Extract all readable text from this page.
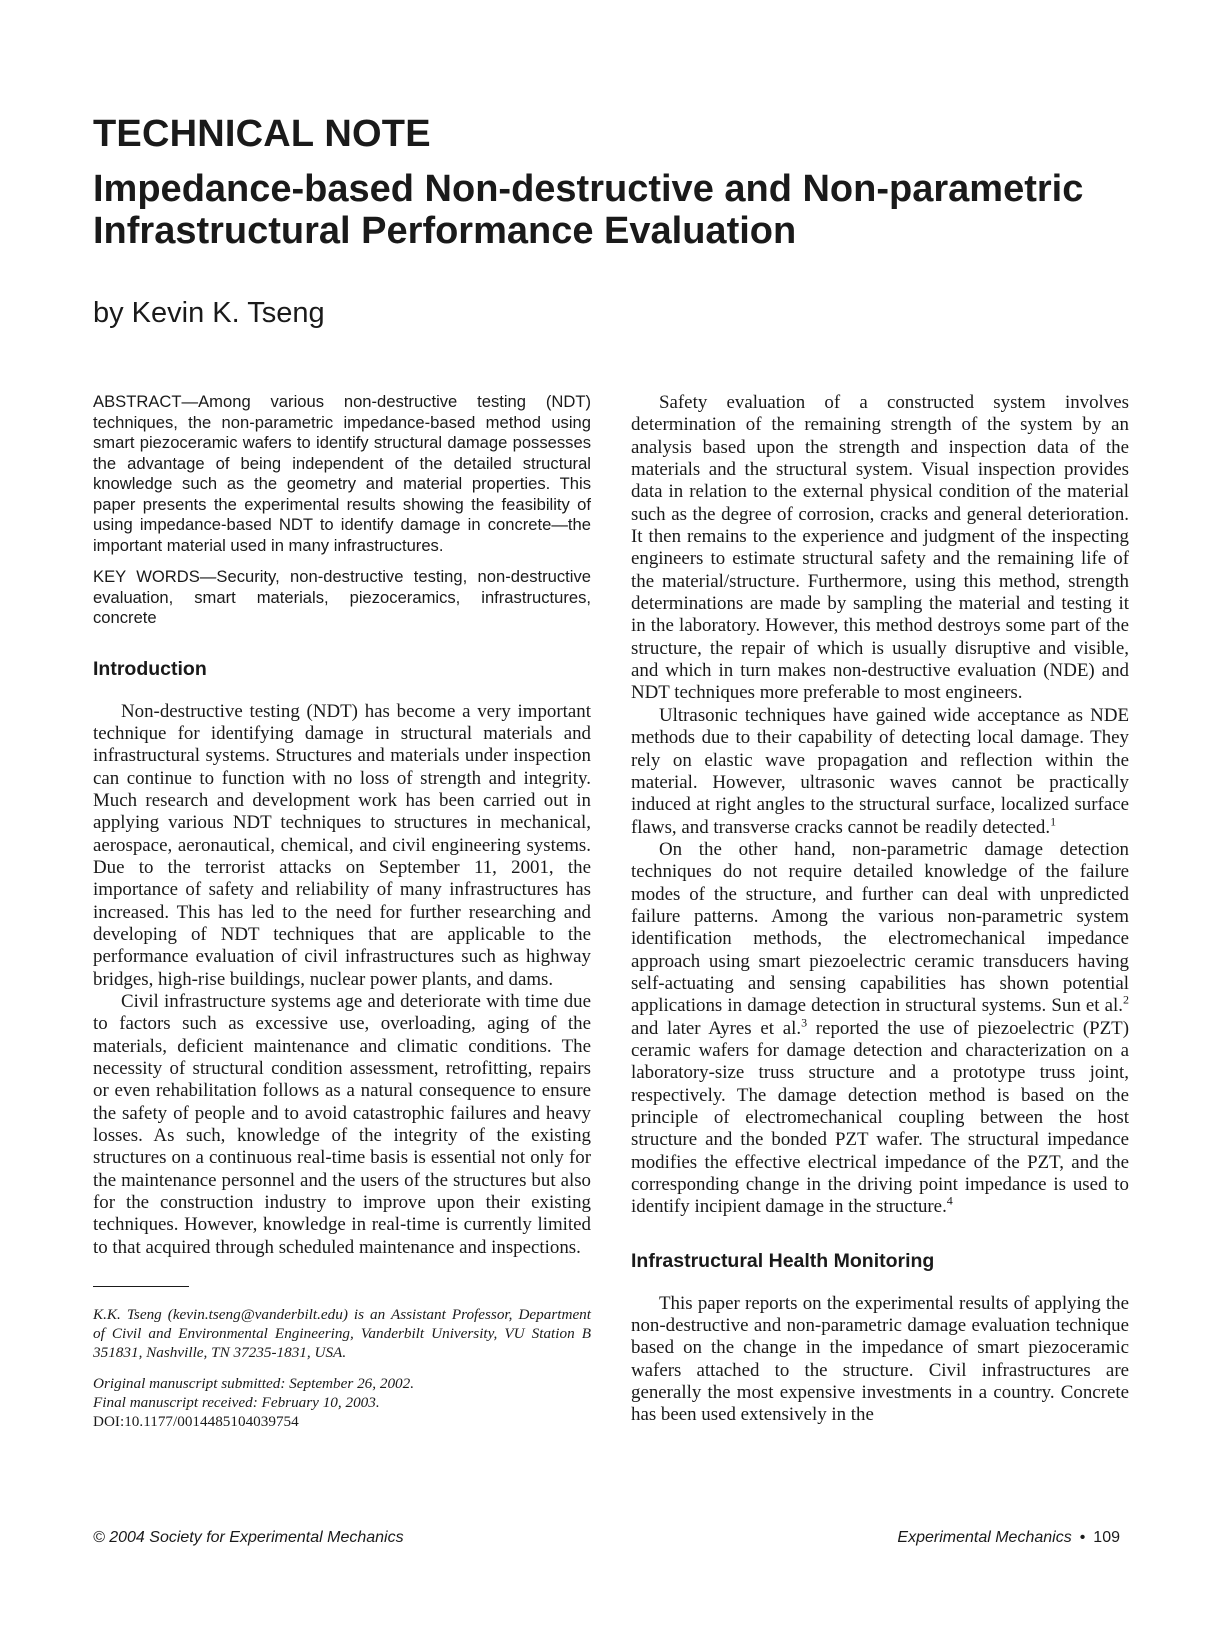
TECHNICAL NOTE
Impedance-based Non-destructive and Non-parametric
Infrastructural Performance Evaluation
by Kevin K. Tseng

ABSTRACT—Among various non-destructive testing (NDT) techniques, the non-parametric impedance-based method using smart piezoceramic wafers to identify structural damage possesses the advantage of being independent of the detailed structural knowledge such as the geometry and material properties. This paper presents the experimental results showing the feasibility of using impedance-based NDT to identify damage in concrete—the important material used in many infrastructures.

KEY WORDS—Security, non-destructive testing, non-destructive evaluation, smart materials, piezoceramics, infrastructures, concrete

Introduction

Non-destructive testing (NDT) has become a very important technique for identifying damage in structural materials and infrastructural systems. Structures and materials under inspection can continue to function with no loss of strength and integrity. Much research and development work has been carried out in applying various NDT techniques to structures in mechanical, aerospace, aeronautical, chemical, and civil engineering systems. Due to the terrorist attacks on September 11, 2001, the importance of safety and reliability of many infrastructures has increased. This has led to the need for further researching and developing of NDT techniques that are applicable to the performance evaluation of civil infrastructures such as highway bridges, high-rise buildings, nuclear power plants, and dams.

Civil infrastructure systems age and deteriorate with time due to factors such as excessive use, overloading, aging of the materials, deficient maintenance and climatic conditions. The necessity of structural condition assessment, retrofitting, repairs or even rehabilitation follows as a natural consequence to ensure the safety of people and to avoid catastrophic failures and heavy losses. As such, knowledge of the integrity of the existing structures on a continuous real-time basis is essential not only for the maintenance personnel and the users of the structures but also for the construction industry to improve upon their existing techniques. However, knowledge in real-time is currently limited to that acquired through scheduled maintenance and inspections.

K.K. Tseng (kevin.tseng@vanderbilt.edu) is an Assistant Professor, Department of Civil and Environmental Engineering, Vanderbilt University, VU Station B 351831, Nashville, TN 37235-1831, USA.

Original manuscript submitted: September 26, 2002.
Final manuscript received: February 10, 2003.

DOI:10.1177/0014485104039754

Safety evaluation of a constructed system involves determination of the remaining strength of the system by an analysis based upon the strength and inspection data of the materials and the structural system. Visual inspection provides data in relation to the external physical condition of the material such as the degree of corrosion, cracks and general deterioration. It then remains to the experience and judgment of the inspecting engineers to estimate structural safety and the remaining life of the material/structure. Furthermore, using this method, strength determinations are made by sampling the material and testing it in the laboratory. However, this method destroys some part of the structure, the repair of which is usually disruptive and visible, and which in turn makes non-destructive evaluation (NDE) and NDT techniques more preferable to most engineers.

Ultrasonic techniques have gained wide acceptance as NDE methods due to their capability of detecting local damage. They rely on elastic wave propagation and reflection within the material. However, ultrasonic waves cannot be practically induced at right angles to the structural surface, localized surface flaws, and transverse cracks cannot be readily detected.$^1$

On the other hand, non-parametric damage detection techniques do not require detailed knowledge of the failure modes of the structure, and further can deal with unpredicted failure patterns. Among the various non-parametric system identification methods, the electromechanical impedance approach using smart piezoelectric ceramic transducers having self-actuating and sensing capabilities has shown potential applications in damage detection in structural systems. Sun et al.$^2$ and later Ayres et al.$^3$ reported the use of piezoelectric (PZT) ceramic wafers for damage detection and characterization on a laboratory-size truss structure and a prototype truss joint, respectively. The damage detection method is based on the principle of electromechanical coupling between the host structure and the bonded PZT wafer. The structural impedance modifies the effective electrical impedance of the PZT, and the corresponding change in the driving point impedance is used to identify incipient damage in the structure.$^4$

Infrastructural Health Monitoring

This paper reports on the experimental results of applying the non-destructive and non-parametric damage evaluation technique based on the change in the impedance of smart piezoceramic wafers attached to the structure. Civil infrastructures are generally the most expensive investments in a country. Concrete has been used extensively in the

© 2004 Society for Experimental Mechanics	Experimental Mechanics • 109
